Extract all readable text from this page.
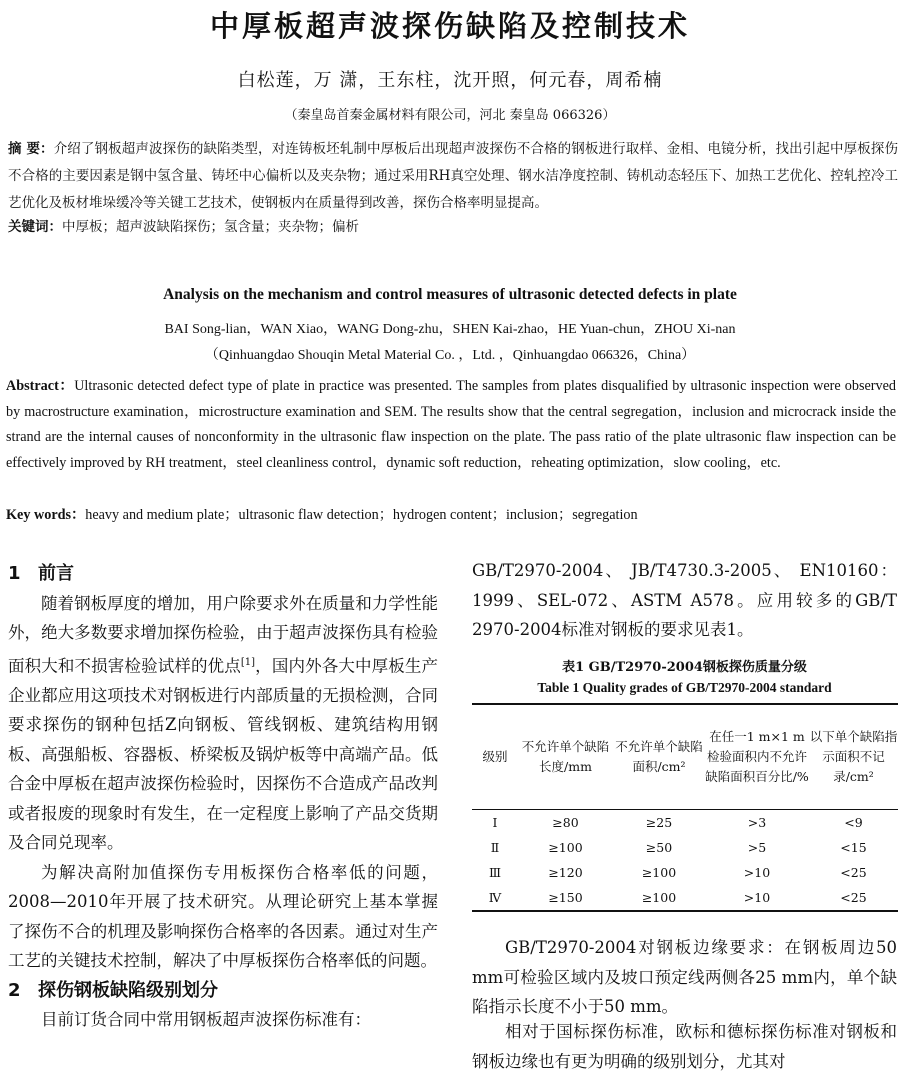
中厚板超声波探伤缺陷及控制技术
白松莲，万 潇，王东柱，沈开照，何元春，周希楠
（秦皇岛首秦金属材料有限公司，河北 秦皇岛 066326）
摘 要：介绍了钢板超声波探伤的缺陷类型，对连铸板坯轧制中厚板后出现超声波探伤不合格的钢板进行取样、金相、电镜分析，找出引起中厚板探伤不合格的主要因素是钢中氢含量、铸坯中心偏析以及夹杂物；通过采用RH真空处理、钢水洁净度控制、铸机动态轻压下、加热工艺优化、控轧控冷工艺优化及板材堆垛缓冷等关键工艺技术，使钢板内在质量得到改善，探伤合格率明显提高。
关键词：中厚板；超声波缺陷探伤；氢含量；夹杂物；偏析
Analysis on the mechanism and control measures of ultrasonic detected defects in plate
BAI Song-lian，WAN Xiao，WANG Dong-zhu，SHEN Kai-zhao，HE Yuan-chun，ZHOU Xi-nan
（Qinhuangdao Shouqin Metal Material Co. ，Ltd. ，Qinhuangdao 066326，China）
Abstract：Ultrasonic detected defect type of plate in practice was presented. The samples from plates disqualified by ultrasonic inspection were observed by macrostructure examination，microstructure examination and SEM. The results show that the central segregation，inclusion and microcrack inside the strand are the internal causes of nonconformity in the ultrasonic flaw inspection on the plate. The pass ratio of the plate ultrasonic flaw inspection can be effectively improved by RH treatment，steel cleanliness control，dynamic soft reduction，reheating optimization，slow cooling，etc.
Key words：heavy and medium plate；ultrasonic flaw detection；hydrogen content；inclusion；segregation
1 前言
随着钢板厚度的增加，用户除要求外在质量和力学性能外，绝大多数要求增加探伤检验，由于超声波探伤具有检验面积大和不损害检验试样的优点[1]，国内外各大中厚板生产企业都应用这项技术对钢板进行内部质量的无损检测，合同要求探伤的钢种包括Z向钢板、管线钢板、建筑结构用钢板、高强船板、容器板、桥梁板及锅炉板等中高端产品。低合金中厚板在超声波探伤检验时，因探伤不合造成产品改判或者报废的现象时有发生，在一定程度上影响了产品交货期及合同兑现率。
为解决高附加值探伤专用板探伤合格率低的问题，2008—2010年开展了技术研究。从理论研究上基本掌握了探伤不合的机理及影响探伤合格率的各因素。通过对生产工艺的关键技术控制，解决了中厚板探伤合格率低的问题。
2 探伤钢板缺陷级别划分
目前订货合同中常用钢板超声波探伤标准有：
GB/T2970-2004、 JB/T4730.3-2005、 EN10160：1999、SEL-072、ASTM A578。应用较多的GB/T 2970-2004标准对钢板的要求见表1。
表1 GB/T2970-2004钢板探伤质量分级
Table 1 Quality grades of GB/T2970-2004 standard
级别	不允许单个缺陷长度/mm	不允许单个缺陷面积/cm²	在任一1 m×1 m检验面积内不允许缺陷面积百分比/%	以下单个缺陷指示面积不记录/cm²
Ⅰ	≥80	≥25	>3	<9
Ⅱ	≥100	≥50	>5	<15
Ⅲ	≥120	≥100	>10	<25
Ⅳ	≥150	≥100	>10	<25
GB/T2970-2004对钢板边缘要求：在钢板周边50 mm可检验区域内及坡口预定线两侧各25 mm内，单个缺陷指示长度不小于50 mm。
相对于国标探伤标准，欧标和德标探伤标准对钢板和钢板边缘也有更为明确的级别划分，尤其对
